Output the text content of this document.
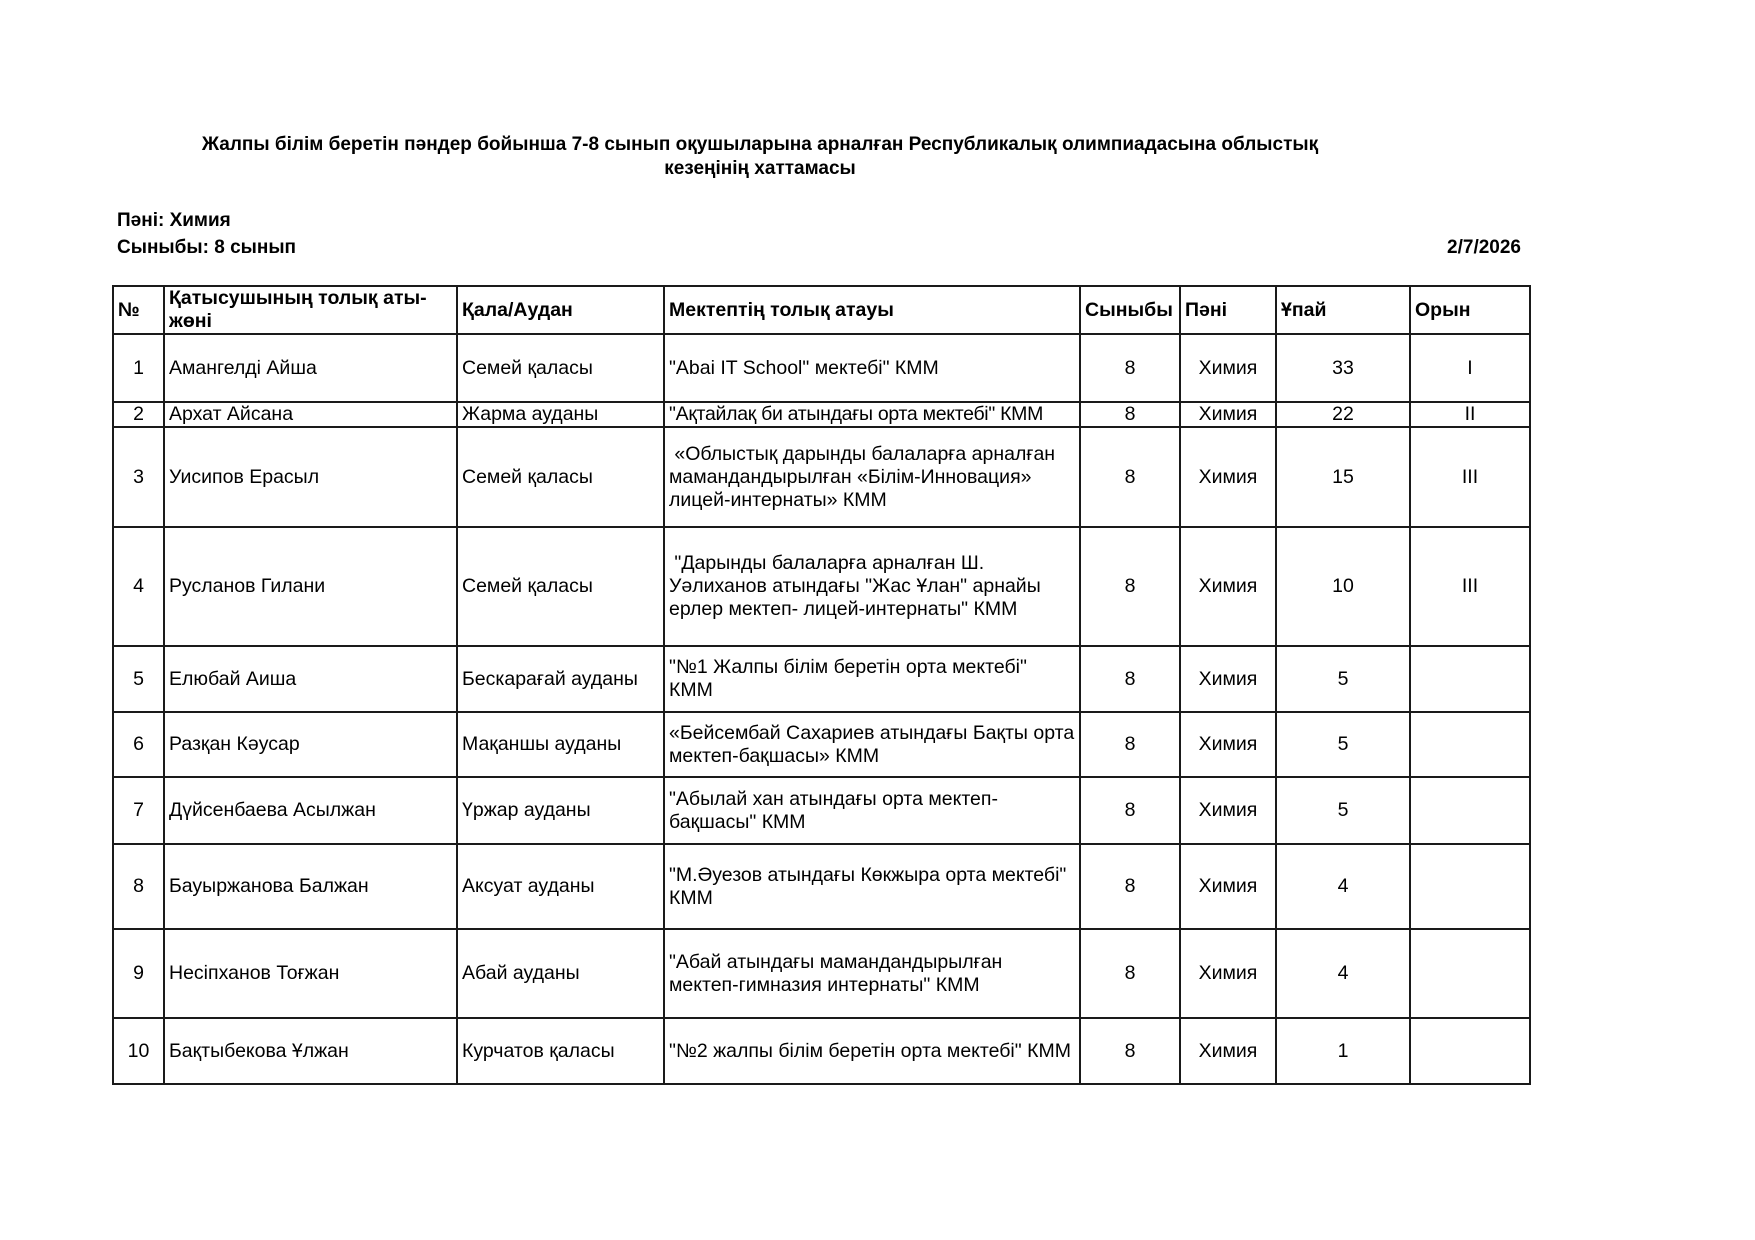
Жалпы білім беретін пәндер бойынша 7-8 сынып оқушыларына арналған Республикалық олимпиадасына облыстық
кезеңінің хаттамасы
Пәні: Химия
Сыныбы: 8 сынып	2/7/2026
№	Қатысушының толық аты-жөні	Қала/Аудан	Мектептің толық атауы	Сыныбы	Пәні	Ұпай	Орын
1	Амангелді Айша	Семей қаласы	"Abai IT School" мектебі" КММ	8	Химия	33	I
2	Архат Айсана	Жарма ауданы	"Ақтайлақ би атындағы орта мектебі" КММ	8	Химия	22	II
3	Уисипов Ерасыл	Семей қаласы	«Облыстық дарынды балаларға арналған мамандандырылған «Білім-Инновация» лицей-интернаты» КММ	8	Химия	15	III
4	Русланов Гилани	Семей қаласы	"Дарынды балаларға арналған Ш. Уәлиханов атындағы "Жас Ұлан" арнайы ерлер мектеп- лицей-интернаты" КММ	8	Химия	10	III
5	Елюбай Аиша	Бескарағай ауданы	"№1 Жалпы білім беретін орта мектебі" КММ	8	Химия	5	
6	Разқан Кәусар	Мақаншы ауданы	«Бейсембай Сахариев атындағы Бақты орта мектеп-бақшасы» КММ	8	Химия	5	
7	Дүйсенбаева Асылжан	Үржар ауданы	"Абылай хан атындағы орта мектеп-бақшасы" КММ	8	Химия	5	
8	Бауыржанова Балжан	Аксуат ауданы	"М.Әуезов атындағы Көкжыра орта мектебі" КММ	8	Химия	4	
9	Несіпханов Тоғжан	Абай ауданы	"Абай атындағы мамандандырылған мектеп-гимназия интернаты" КММ	8	Химия	4	
10	Бақтыбекова Ұлжан	Курчатов қаласы	"№2 жалпы білім беретін орта мектебі" КММ	8	Химия	1	
